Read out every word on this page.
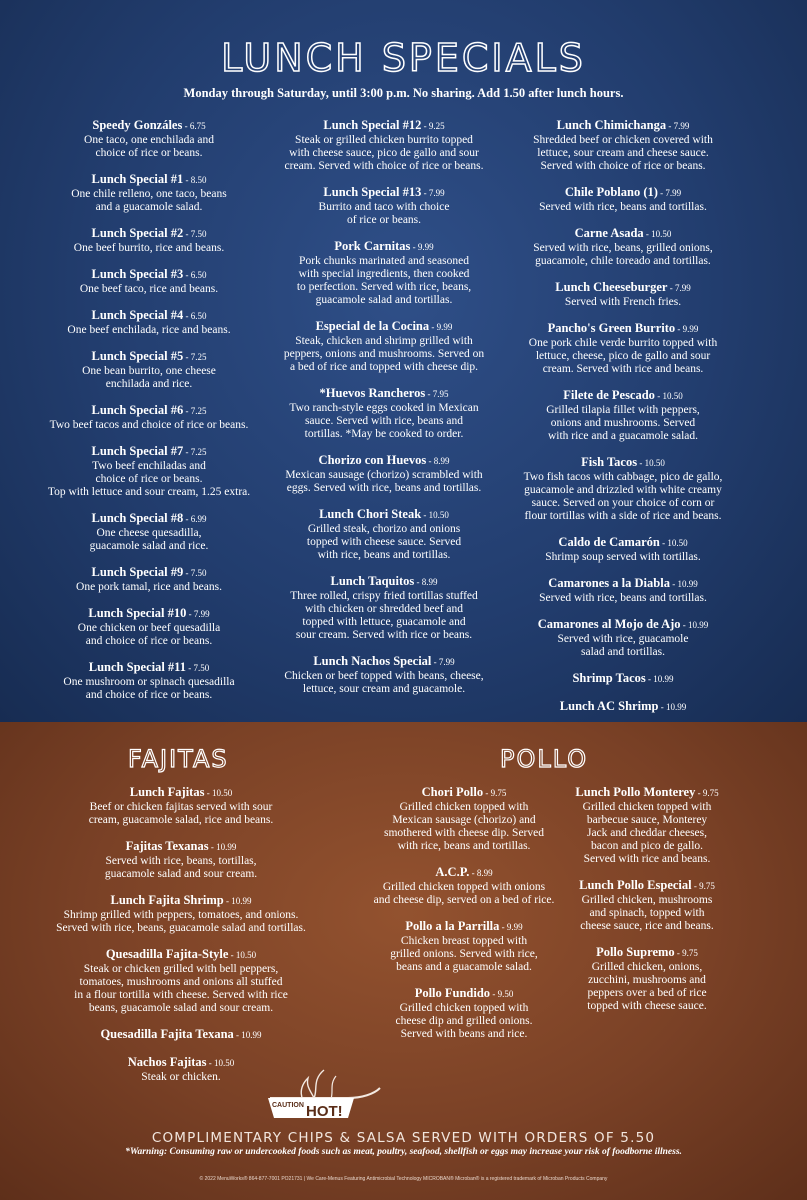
LUNCH SPECIALS
Monday through Saturday, until 3:00 p.m. No sharing. Add 1.50 after lunch hours.
Speedy Gonzáles - 6.75
One taco, one enchilada and
choice of rice or beans.
Lunch Special #1 - 8.50
One chile relleno, one taco, beans
and a guacamole salad.
Lunch Special #2 - 7.50
One beef burrito, rice and beans.
Lunch Special #3 - 6.50
One beef taco, rice and beans.
Lunch Special #4 - 6.50
One beef enchilada, rice and beans.
Lunch Special #5 - 7.25
One bean burrito, one cheese
enchilada and rice.
Lunch Special #6 - 7.25
Two beef tacos and choice of rice or beans.
Lunch Special #7 - 7.25
Two beef enchiladas and
choice of rice or beans.
Top with lettuce and sour cream, 1.25 extra.
Lunch Special #8 - 6.99
One cheese quesadilla,
guacamole salad and rice.
Lunch Special #9 - 7.50
One pork tamal, rice and beans.
Lunch Special #10 - 7.99
One chicken or beef quesadilla
and choice of rice or beans.
Lunch Special #11 - 7.50
One mushroom or spinach quesadilla
and choice of rice or beans.
Lunch Special #12 - 9.25
Steak or grilled chicken burrito topped
with cheese sauce, pico de gallo and sour
cream. Served with choice of rice or beans.
Lunch Special #13 - 7.99
Burrito and taco with choice
of rice or beans.
Pork Carnitas - 9.99
Pork chunks marinated and seasoned
with special ingredients, then cooked
to perfection. Served with rice, beans,
guacamole salad and tortillas.
Especial de la Cocina - 9.99
Steak, chicken and shrimp grilled with
peppers, onions and mushrooms. Served on
a bed of rice and topped with cheese dip.
*Huevos Rancheros - 7.95
Two ranch-style eggs cooked in Mexican
sauce. Served with rice, beans and
tortillas. *May be cooked to order.
Chorizo con Huevos - 8.99
Mexican sausage (chorizo) scrambled with
eggs. Served with rice, beans and tortillas.
Lunch Chori Steak - 10.50
Grilled steak, chorizo and onions
topped with cheese sauce. Served
with rice, beans and tortillas.
Lunch Taquitos - 8.99
Three rolled, crispy fried tortillas stuffed
with chicken or shredded beef and
topped with lettuce, guacamole and
sour cream. Served with rice or beans.
Lunch Nachos Special - 7.99
Chicken or beef topped with beans, cheese,
lettuce, sour cream and guacamole.
Lunch Chimichanga - 7.99
Shredded beef or chicken covered with
lettuce, sour cream and cheese sauce.
Served with choice of rice or beans.
Chile Poblano (1) - 7.99
Served with rice, beans and tortillas.
Carne Asada - 10.50
Served with rice, beans, grilled onions,
guacamole, chile toreado and tortillas.
Lunch Cheeseburger - 7.99
Served with French fries.
Pancho's Green Burrito - 9.99
One pork chile verde burrito topped with
lettuce, cheese, pico de gallo and sour
cream. Served with rice and beans.
Filete de Pescado - 10.50
Grilled tilapia fillet with peppers,
onions and mushrooms. Served
with rice and a guacamole salad.
Fish Tacos - 10.50
Two fish tacos with cabbage, pico de gallo,
guacamole and drizzled with white creamy
sauce. Served on your choice of corn or
flour tortillas with a side of rice and beans.
Caldo de Camarón - 10.50
Shrimp soup served with tortillas.
Camarones a la Diabla - 10.99
Served with rice, beans and tortillas.
Camarones al Mojo de Ajo - 10.99
Served with rice, guacamole
salad and tortillas.
Shrimp Tacos - 10.99
Lunch AC Shrimp - 10.99
FAJITAS	POLLO
Lunch Fajitas - 10.50
Beef or chicken fajitas served with sour
cream, guacamole salad, rice and beans.
Fajitas Texanas - 10.99
Served with rice, beans, tortillas,
guacamole salad and sour cream.
Lunch Fajita Shrimp - 10.99
Shrimp grilled with peppers, tomatoes, and onions.
Served with rice, beans, guacamole salad and tortillas.
Quesadilla Fajita-Style - 10.50
Steak or chicken grilled with bell peppers,
tomatoes, mushrooms and onions all stuffed
in a flour tortilla with cheese. Served with rice
beans, guacamole salad and sour cream.
Quesadilla Fajita Texana - 10.99
Nachos Fajitas - 10.50
Steak or chicken.
Chori Pollo - 9.75
Grilled chicken topped with
Mexican sausage (chorizo) and
smothered with cheese dip. Served
with rice, beans and tortillas.
A.C.P. - 8.99
Grilled chicken topped with onions
and cheese dip, served on a bed of rice.
Pollo a la Parrilla - 9.99
Chicken breast topped with
grilled onions. Served with rice,
beans and a guacamole salad.
Pollo Fundido - 9.50
Grilled chicken topped with
cheese dip and grilled onions.
Served with beans and rice.
Lunch Pollo Monterey - 9.75
Grilled chicken topped with
barbecue sauce, Monterey
Jack and cheddar cheeses,
bacon and pico de gallo.
Served with rice and beans.
Lunch Pollo Especial - 9.75
Grilled chicken, mushrooms
and spinach, topped with
cheese sauce, rice and beans.
Pollo Supremo - 9.75
Grilled chicken, onions,
zucchini, mushrooms and
peppers over a bed of rice
topped with cheese sauce.
CAUTION HOT!
COMPLIMENTARY CHIPS & SALSA SERVED WITH ORDERS OF 5.50
*Warning: Consuming raw or undercooked foods such as meat, poultry, seafood, shellfish or eggs may increase your risk of foodborne illness.
© 2022 MenuWorks® 864-877-7001 PO21731 | We Care-Menus Featuring Antimicrobial Technology MICROBAN® Microban® is a registered trademark of Microban Products Company
